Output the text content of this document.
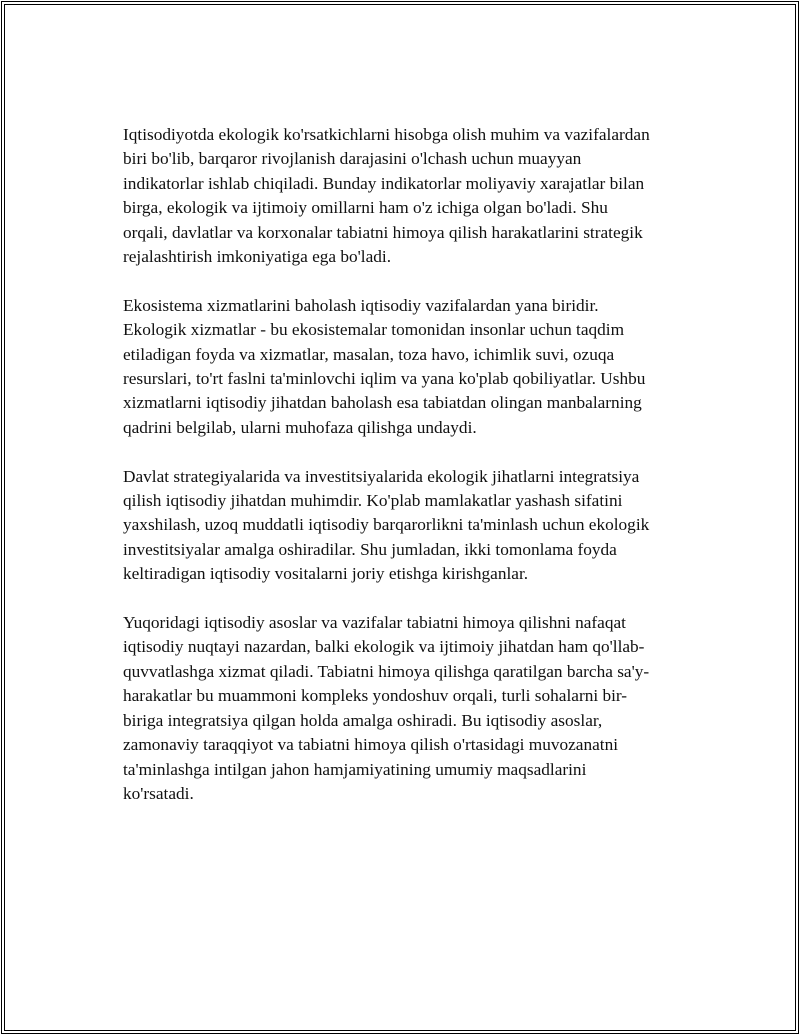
Iqtisodiyotda ekologik ko'rsatkichlarni hisobga olish muhim va vazifalardan
biri bo'lib, barqaror rivojlanish darajasini o'lchash uchun muayyan
indikatorlar ishlab chiqiladi. Bunday indikatorlar moliyaviy xarajatlar bilan
birga, ekologik va ijtimoiy omillarni ham o'z ichiga olgan bo'ladi. Shu
orqali, davlatlar va korxonalar tabiatni himoya qilish harakatlarini strategik
rejalashtirish imkoniyatiga ega bo'ladi.

Ekosistema xizmatlarini baholash iqtisodiy vazifalardan yana biridir.
Ekologik xizmatlar - bu ekosistemalar tomonidan insonlar uchun taqdim
etiladigan foyda va xizmatlar, masalan, toza havo, ichimlik suvi, ozuqa
resurslari, to'rt faslni ta'minlovchi iqlim va yana ko'plab qobiliyatlar. Ushbu
xizmatlarni iqtisodiy jihatdan baholash esa tabiatdan olingan manbalarning
qadrini belgilab, ularni muhofaza qilishga undaydi.

Davlat strategiyalarida va investitsiyalarida ekologik jihatlarni integratsiya
qilish iqtisodiy jihatdan muhimdir. Ko'plab mamlakatlar yashash sifatini
yaxshilash, uzoq muddatli iqtisodiy barqarorlikni ta'minlash uchun ekologik
investitsiyalar amalga oshiradilar. Shu jumladan, ikki tomonlama foyda
keltiradigan iqtisodiy vositalarni joriy etishga kirishganlar.

Yuqoridagi iqtisodiy asoslar va vazifalar tabiatni himoya qilishni nafaqat
iqtisodiy nuqtayi nazardan, balki ekologik va ijtimoiy jihatdan ham qo'llab-
quvvatlashga xizmat qiladi. Tabiatni himoya qilishga qaratilgan barcha sa'y-
harakatlar bu muammoni kompleks yondoshuv orqali, turli sohalarni bir-
biriga integratsiya qilgan holda amalga oshiradi. Bu iqtisodiy asoslar,
zamonaviy taraqqiyot va tabiatni himoya qilish o'rtasidagi muvozanatni
ta'minlashga intilgan jahon hamjamiyatining umumiy maqsadlarini
ko'rsatadi.
